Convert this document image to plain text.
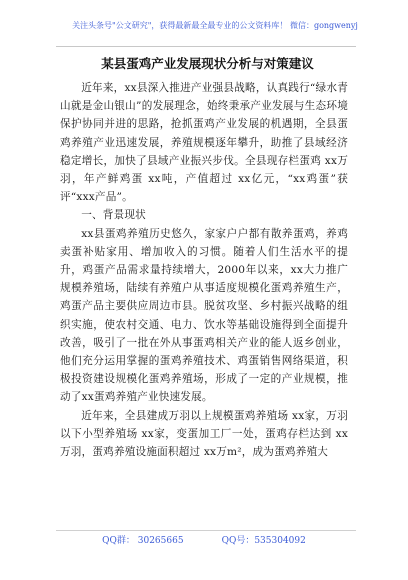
关注头条号"公文研究"，获得最新最全最专业的公文资料库！ 微信：gongwenyj
某县蛋鸡产业发展现状分析与对策建议

近年来，xx县深入推进产业强县战略，认真践行“绿水青山就是金山银山”的发展理念，始终秉承产业发展与生态环境保护协同并进的思路，抢抓蛋鸡产业发展的机遇期，全县蛋鸡养殖产业迅速发展，养殖规模逐年攀升，助推了县域经济稳定增长，加快了县域产业振兴步伐。全县现存栏蛋鸡 xx万羽，年产鲜鸡蛋 xx吨，产值超过 xx亿元，“xx鸡蛋”获评“xxx产品”。

一、背景现状

xx县蛋鸡养殖历史悠久，家家户户都有散养蛋鸡，养鸡卖蛋补贴家用、增加收入的习惯。随着人们生活水平的提升，鸡蛋产品需求量持续增大，2000年以来，xx大力推广规模养殖场，陆续有养殖户从事适度规模化蛋鸡养殖生产，鸡蛋产品主要供应周边市县。脱贫攻坚、乡村振兴战略的组织实施，使农村交通、电力、饮水等基础设施得到全面提升改善，吸引了一批在外从事蛋鸡相关产业的能人返乡创业，他们充分运用掌握的蛋鸡养殖技术、鸡蛋销售网络渠道，积极投资建设规模化蛋鸡养殖场，形成了一定的产业规模，推动了xx蛋鸡养殖产业快速发展。

近年来，全县建成万羽以上规模蛋鸡养殖场 xx家，万羽以下小型养殖场 xx家，变蛋加工厂一处，蛋鸡存栏达到 xx万羽，蛋鸡养殖设施面积超过 xx万m²，成为蛋鸡养殖大

QQ群： 30265665	QQ号：535304092
